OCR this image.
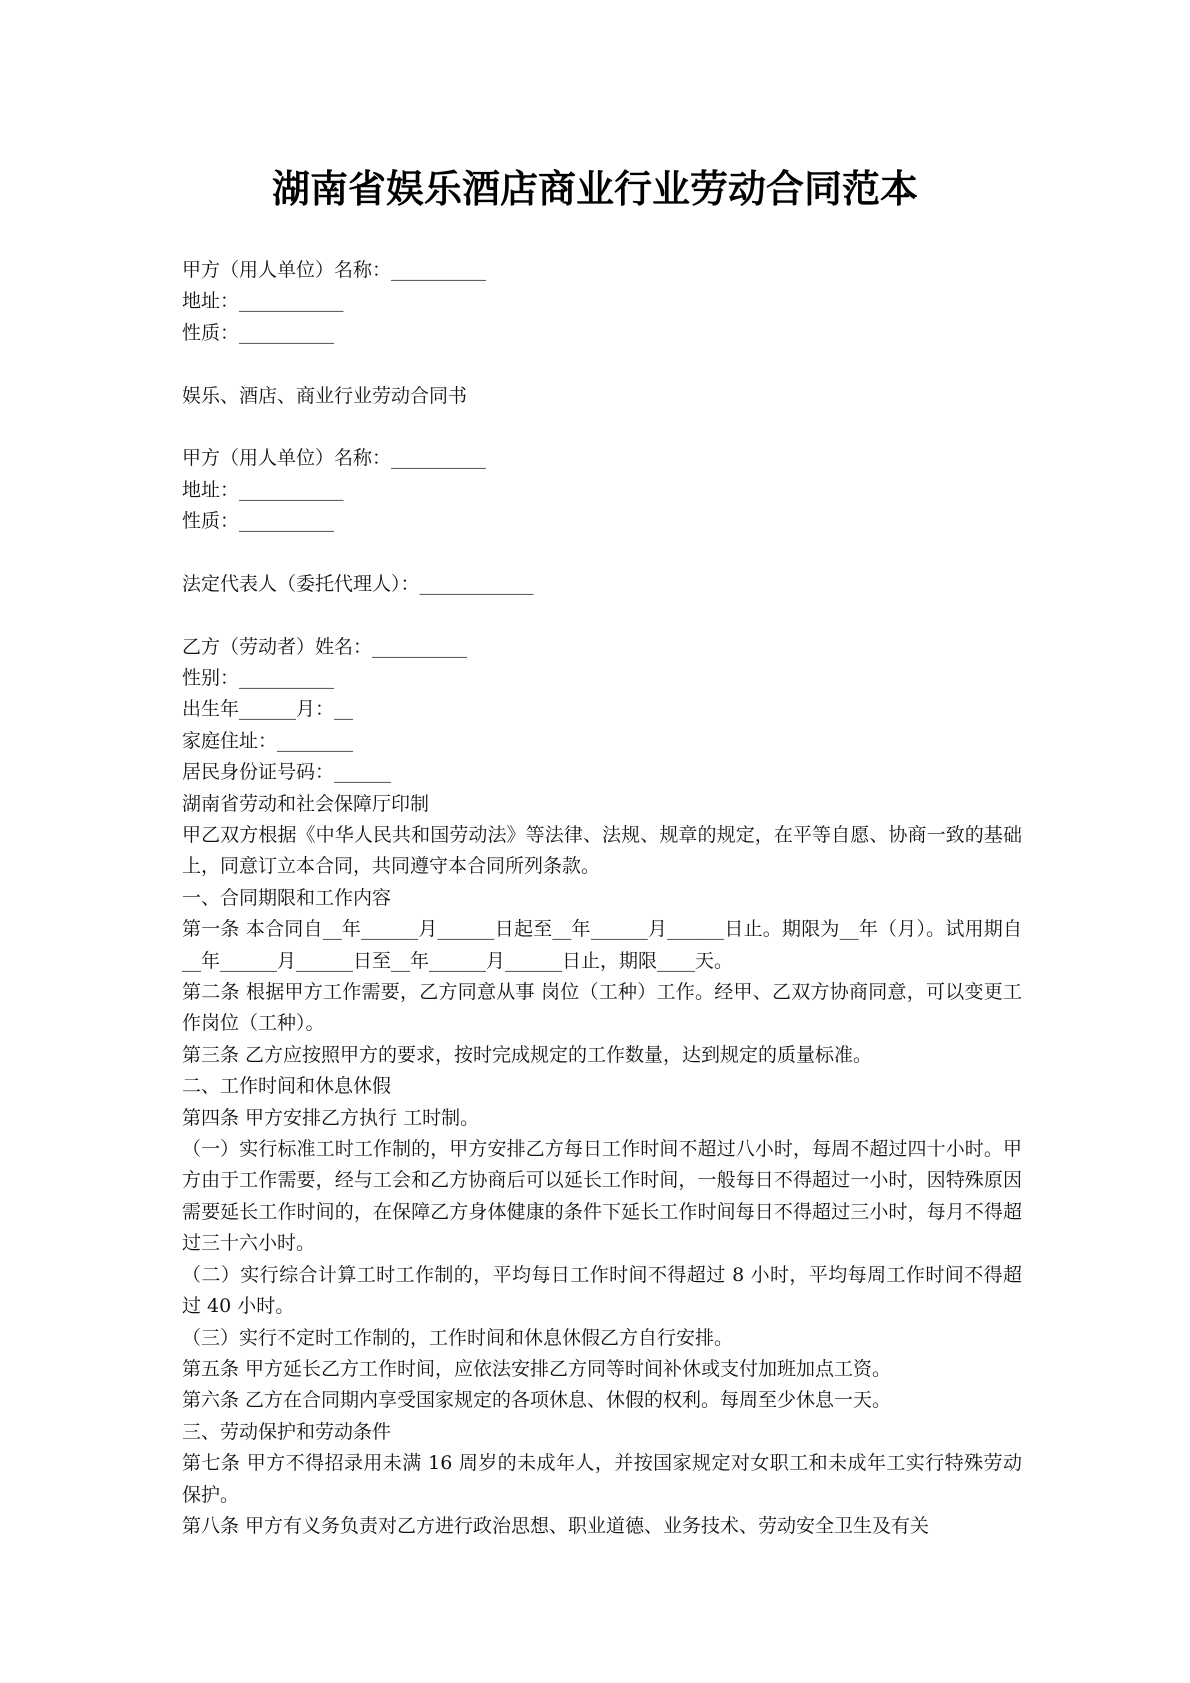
湖南省娱乐酒店商业行业劳动合同范本
甲方（用人单位）名称：__________
地址：___________
性质：__________
娱乐、酒店、商业行业劳动合同书
甲方（用人单位）名称：__________
地址：___________
性质：__________
法定代表人（委托代理人）：____________
乙方（劳动者）姓名：__________
性别：__________
出生年______月：__
家庭住址：________
居民身份证号码：______
湖南省劳动和社会保障厅印制
甲乙双方根据《中华人民共和国劳动法》等法律、法规、规章的规定，在平等自愿、协商一致的基础上，同意订立本合同，共同遵守本合同所列条款。
一、合同期限和工作内容
第一条 本合同自__年______月______日起至__年______月______日止。期限为__年（月）。试用期自__年______月______日至__年______月______日止，期限____天。
第二条 根据甲方工作需要，乙方同意从事 岗位（工种）工作。经甲、乙双方协商同意，可以变更工作岗位（工种）。
第三条 乙方应按照甲方的要求，按时完成规定的工作数量，达到规定的质量标准。
二、工作时间和休息休假
第四条 甲方安排乙方执行 工时制。
（一）实行标准工时工作制的，甲方安排乙方每日工作时间不超过八小时，每周不超过四十小时。甲方由于工作需要，经与工会和乙方协商后可以延长工作时间，一般每日不得超过一小时，因特殊原因需要延长工作时间的，在保障乙方身体健康的条件下延长工作时间每日不得超过三小时，每月不得超过三十六小时。
（二）实行综合计算工时工作制的，平均每日工作时间不得超过 8 小时，平均每周工作时间不得超过 40 小时。
（三）实行不定时工作制的，工作时间和休息休假乙方自行安排。
第五条 甲方延长乙方工作时间，应依法安排乙方同等时间补休或支付加班加点工资。
第六条 乙方在合同期内享受国家规定的各项休息、休假的权利。每周至少休息一天。
三、劳动保护和劳动条件
第七条 甲方不得招录用未满 16 周岁的未成年人，并按国家规定对女职工和未成年工实行特殊劳动保护。
第八条 甲方有义务负责对乙方进行政治思想、职业道德、业务技术、劳动安全卫生及有关
